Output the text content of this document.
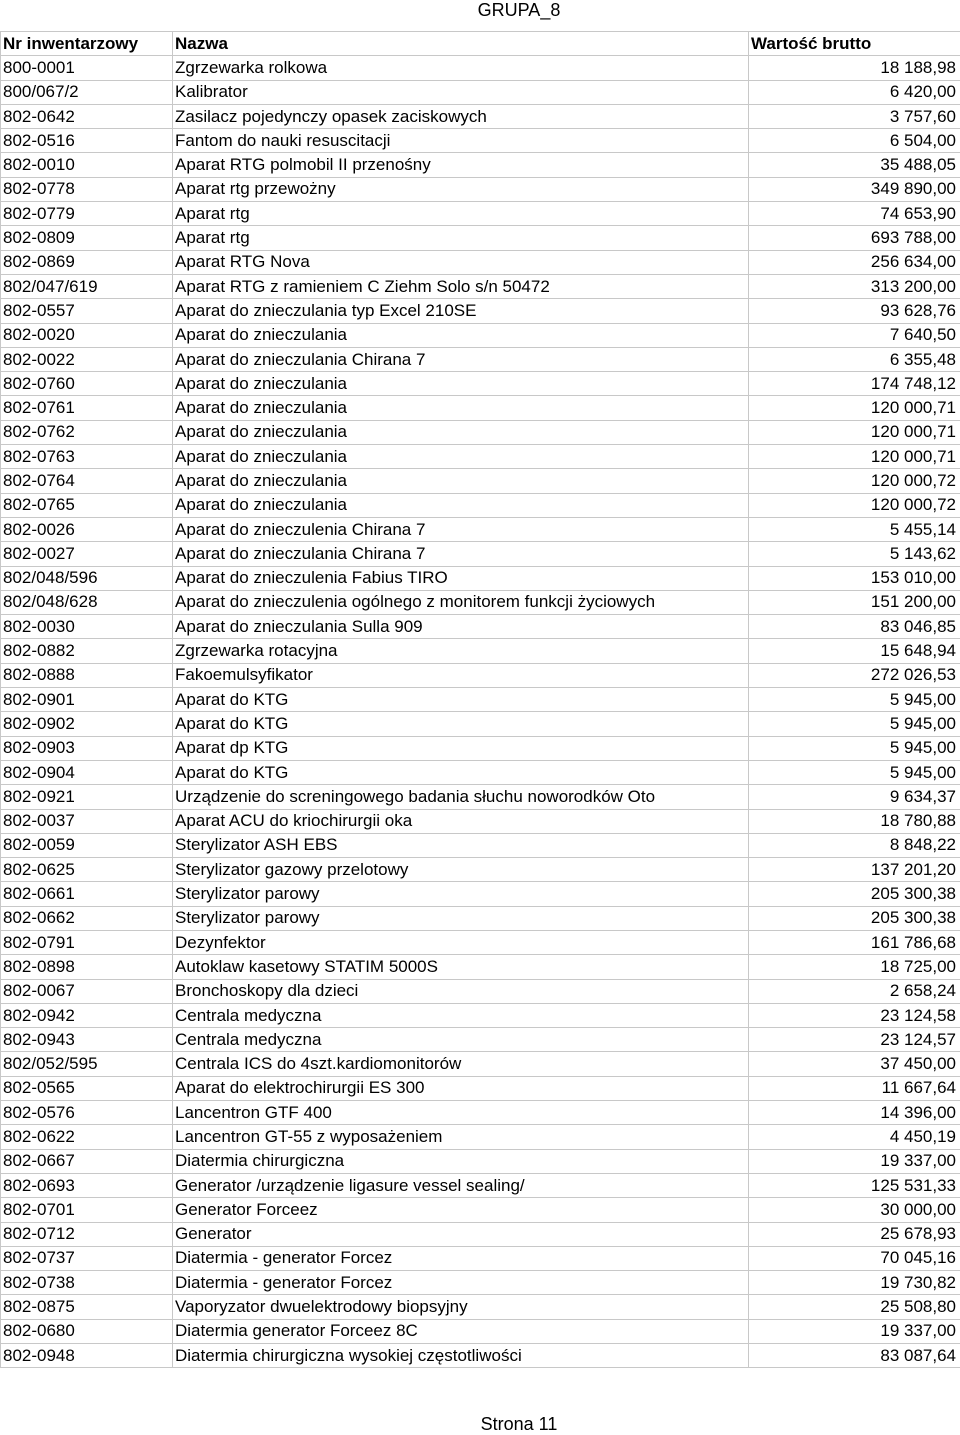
GRUPA_8
Nr inwentarzowy	Nazwa	Wartość brutto
800-0001	Zgrzewarka rolkowa	18 188,98
800/067/2	Kalibrator	6 420,00
802-0642	Zasilacz pojedynczy opasek zaciskowych	3 757,60
802-0516	Fantom do nauki resuscitacji	6 504,00
802-0010	Aparat RTG polmobil II przenośny	35 488,05
802-0778	Aparat rtg przewożny	349 890,00
802-0779	Aparat rtg	74 653,90
802-0809	Aparat rtg	693 788,00
802-0869	Aparat RTG Nova	256 634,00
802/047/619	Aparat RTG z ramieniem C Ziehm Solo s/n 50472	313 200,00
802-0557	Aparat do znieczulania typ Excel 210SE	93 628,76
802-0020	Aparat do znieczulania	7 640,50
802-0022	Aparat do znieczulania Chirana 7	6 355,48
802-0760	Aparat do znieczulania	174 748,12
802-0761	Aparat do znieczulania	120 000,71
802-0762	Aparat do znieczulania	120 000,71
802-0763	Aparat do znieczulania	120 000,71
802-0764	Aparat do znieczulania	120 000,72
802-0765	Aparat do znieczulania	120 000,72
802-0026	Aparat do znieczulenia Chirana 7	5 455,14
802-0027	Aparat do znieczulania Chirana 7	5 143,62
802/048/596	Aparat do znieczulenia Fabius TIRO	153 010,00
802/048/628	Aparat do znieczulenia ogólnego z monitorem funkcji życiowych	151 200,00
802-0030	Aparat do znieczulania Sulla 909	83 046,85
802-0882	Zgrzewarka rotacyjna	15 648,94
802-0888	Fakoemulsyfikator	272 026,53
802-0901	Aparat do KTG	5 945,00
802-0902	Aparat do KTG	5 945,00
802-0903	Aparat dp KTG	5 945,00
802-0904	Aparat do KTG	5 945,00
802-0921	Urządzenie do screningowego badania słuchu noworodków Oto	9 634,37
802-0037	Aparat ACU do kriochirurgii oka	18 780,88
802-0059	Sterylizator ASH EBS	8 848,22
802-0625	Sterylizator gazowy przelotowy	137 201,20
802-0661	Sterylizator parowy	205 300,38
802-0662	Sterylizator parowy	205 300,38
802-0791	Dezynfektor	161 786,68
802-0898	Autoklaw kasetowy STATIM 5000S	18 725,00
802-0067	Bronchoskopy dla dzieci	2 658,24
802-0942	Centrala medyczna	23 124,58
802-0943	Centrala medyczna	23 124,57
802/052/595	Centrala ICS do 4szt.kardiomonitorów	37 450,00
802-0565	Aparat do elektrochirurgii ES 300	11 667,64
802-0576	Lancentron GTF 400	14 396,00
802-0622	Lancentron GT-55 z wyposażeniem	4 450,19
802-0667	Diatermia chirurgiczna	19 337,00
802-0693	Generator /urządzenie ligasure vessel sealing/	125 531,33
802-0701	Generator Forceez	30 000,00
802-0712	Generator	25 678,93
802-0737	Diatermia - generator Forcez	70 045,16
802-0738	Diatermia - generator Forcez	19 730,82
802-0875	Vaporyzator dwuelektrodowy biopsyjny	25 508,80
802-0680	Diatermia generator Forceez 8C	19 337,00
802-0948	Diatermia chirurgiczna wysokiej częstotliwości	83 087,64
Strona 11
